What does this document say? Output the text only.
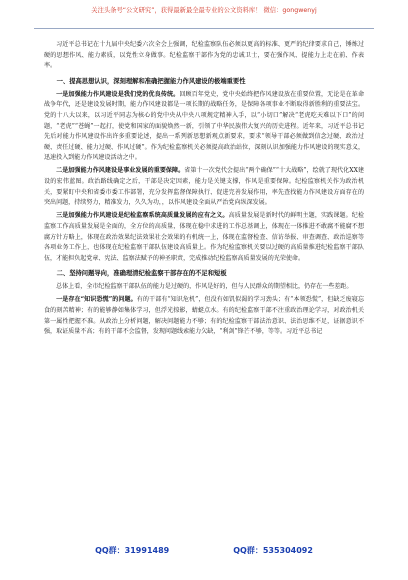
关注头条号“公文研究”，获得最新最全最专业的公文资料库！ 微信：gongwenyj

习近平总书记在十九届中央纪委六次全会上强调，纪检监察队伍必须以更高的标准、更严的纪律要求自己，锤炼过硬的思想作风、能力素质，以党性立身做事。纪检监察干部作为党的忠诚卫士，要在强作风、提能力上走在前、作表率。

一、提高思想认识，深刻理解和准确把握能力作风建设的极端重要性

一是加强能力作风建设是我们党的优良传统。回顾百年党史，党中央始终把作风建设放在重要位置，无论是在革命战争年代，还是建设发展时期，能力作风建设都是一项长期的战略任务，是保障各项事业不断取得新胜利的重要法宝。党的十八大以来，以习近平同志为核心的党中央从中央八项规定精神入手，以“小切口”解决“老虎吃天难以下口”的问题，“老虎”“苍蝇”一起打，使党和国家的面貌焕然一新，引领了中华民族伟大复兴的历史进程。近年来，习近平总书记先后对能力作风建设作出许多重要论述，提出一系列新思想新观点新要求，要求“领导干部必须做到信念过硬、政治过硬、责任过硬、能力过硬、作风过硬”。作为纪检监察机关必须提高政治站位，深刻认识加强能力作风建设的现实意义，迅速投入到能力作风建设活动之中。

二是加强能力作风建设是事业发展的重要保障。省第十一次党代会提出“两个确保”“十大战略”，绘就了现代化XX建设的宏伟蓝图。政治路线确定之后，干部是决定因素，能力是关键支撑，作风是重要保障。纪检监察机关作为政治机关，要紧盯中央和省委市委工作部署，充分发挥监督保障执行、促进完善发展作用，率先查找能力作风建设方面存在的突出问题，持续努力，精准发力，久久为功，，以作风建设全面从严治党向纵深发展。

三是加强能力作风建设是纪检监察系统高质量发展的应有之义。高质量发展是新时代的鲜明主题，实践课题。纪检监察工作高质量发展是全面的，全方位的高质量，体现在稳中求进的工作总基调上，体现在一体推进不敢腐不能腐不想腐方针方略上，体现在政治效果纪法效果社会效果的有机统一上，体现在监督检查、信访举报、审查调查、政治巡察等各项业务工作上，也体现在纪检监察干部队伍建设高质量上。作为纪检监察机关要以过硬的高质量推进纪检监察干部队伍，才能担负起党章、宪法、监察法赋予的神圣职责，完成推动纪检监察高质量发展的光荣使命。

二、坚持问题导向，准确理清纪检监察干部存在的不足和短板

总体上看，全市纪检监察干部队伍的能力是过硬的，作风是好的，但与人民群众的期望相比，仍存在一些差距。

一是存在“知识恐慌”的问题。有的干部有“知识危机”，但没有如饥似渴的学习劲头；有“本领恐慌”，但缺乏废寝忘食的刻苦精神；有的能够静如集体学习，但浮光掠影，蜻蜓点水。有的纪检监察干部不注重政治理论学习，对政治机关第一属性把握不准。从政治上分析问题，解决问题能力不够；有的纪检监察干部法治意识、法治思维不足，证据意识不强，取证质量不高；有的干部不会监督，发现问题线索能力欠缺，“利剑”锋芒不够，等等。习近平总书记

QQ群：31991489	QQ群：535304092
